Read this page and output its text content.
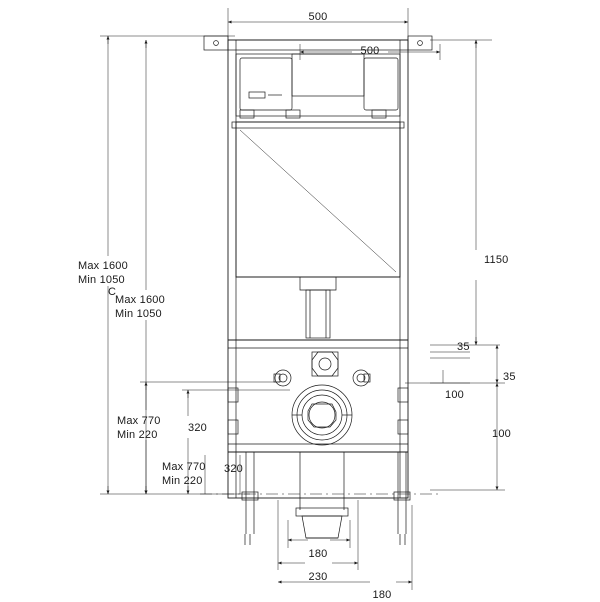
500
500
Max 1600
Min 1050
Max 1600
Min 1050
C
1150
35
35
100
100
Max 770
Min 220
320
Max 770
Min 220
320
180
230
180
